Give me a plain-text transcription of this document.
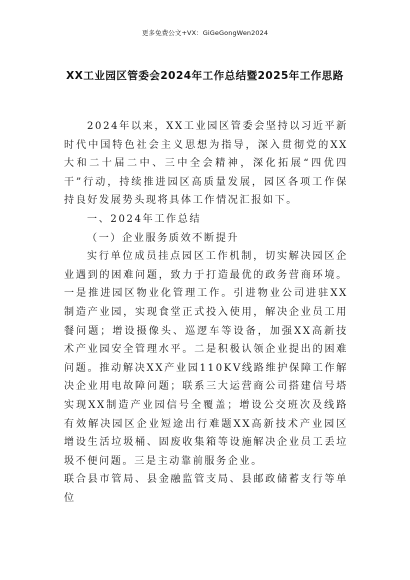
更多免费公文+VX：GiGeGongWen2024
XX工业园区管委会2024年工作总结暨2025年工作思路

2024年以来，XX工业园区管委会坚持以习近平新时代中国特色社会主义思想为指导，深入贯彻党的XX大和二十届二中、三中全会精神，深化拓展“四优四干”行动，持续推进园区高质量发展，园区各项工作保持良好发展势头现将具体工作情况汇报如下。

一、2024年工作总结

（一）企业服务质效不断提升

实行单位成员挂点园区工作机制，切实解决园区企业遇到的困难问题，致力于打造最优的政务营商环境。一是推进园区物业化管理工作。引进物业公司进驻XX制造产业园，实现食堂正式投入使用，解决企业员工用餐问题；增设摄像头、巡逻车等设备，加强XX高新技术产业园安全管理水平。二是积极认领企业提出的困难问题。推动解决XX产业园110KV线路维护保障工作解决企业用电故障问题；联系三大运营商公司搭建信号塔实现XX制造产业园信号全覆盖；增设公交班次及线路有效解决园区企业短途出行难题XX高新技术产业园区增设生活垃圾桶、固废收集箱等设施解决企业员工丢垃圾不便问题。三是主动靠前服务企业。

联合县市管局、县金融监管支局、县邮政储蓄支行等单位
